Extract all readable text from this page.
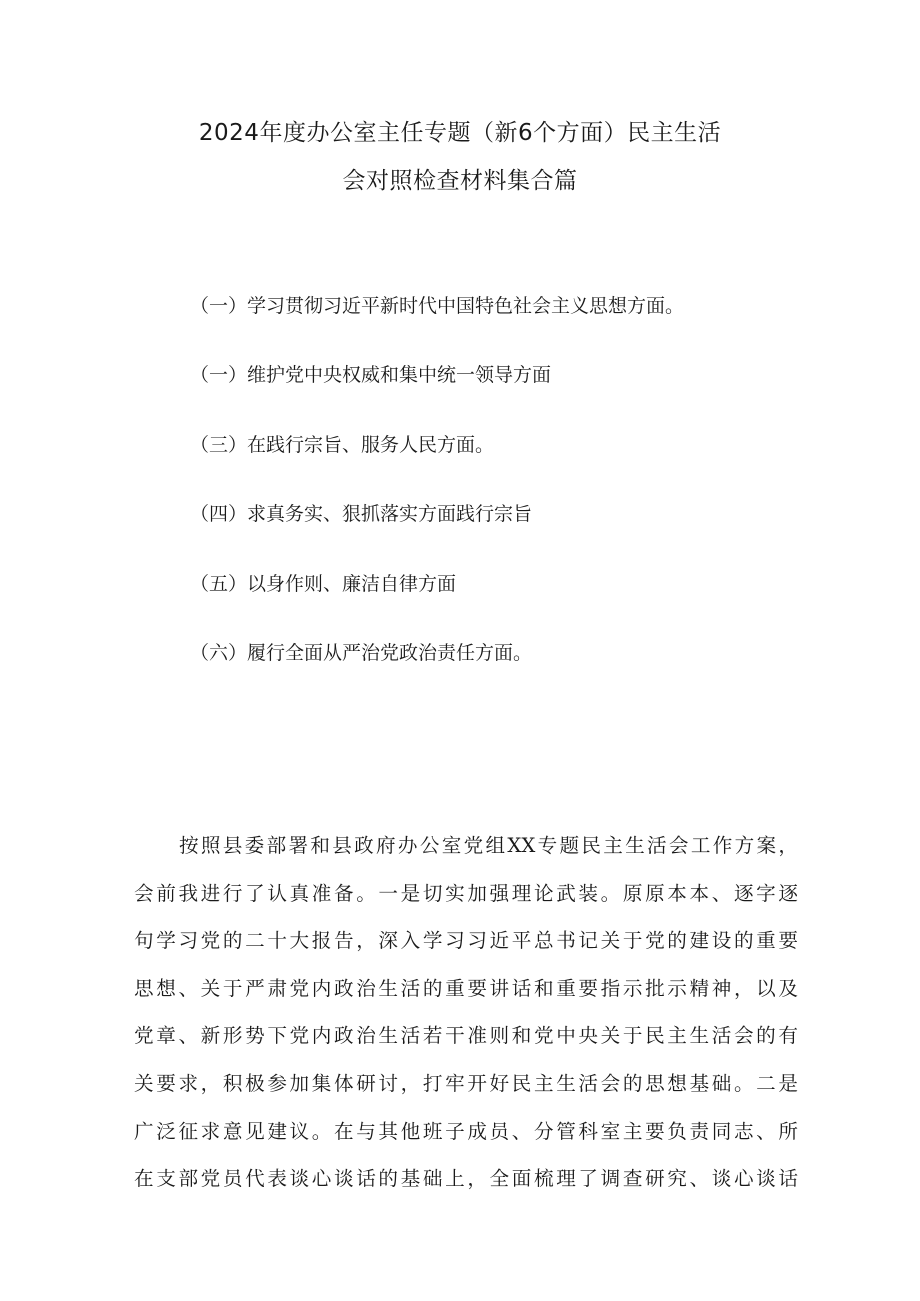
2024年度办公室主任专题（新6个方面）民主生活
会对照检查材料集合篇
（一）学习贯彻习近平新时代中国特色社会主义思想方面。
（一）维护党中央权威和集中统一领导方面
（三）在践行宗旨、服务人民方面。
（四）求真务实、狠抓落实方面践行宗旨
（五）以身作则、廉洁自律方面
（六）履行全面从严治党政治责任方面。
按照县委部署和县政府办公室党组XX专题民主生活会工作方案，
会前我进行了认真准备。一是切实加强理论武装。原原本本、逐字逐
句学习党的二十大报告，深入学习习近平总书记关于党的建设的重要
思想、关于严肃党内政治生活的重要讲话和重要指示批示精神，以及
党章、新形势下党内政治生活若干准则和党中央关于民主生活会的有
关要求，积极参加集体研讨，打牢开好民主生活会的思想基础。二是
广泛征求意见建议。在与其他班子成员、分管科室主要负责同志、所
在支部党员代表谈心谈话的基础上，全面梳理了调查研究、谈心谈话
